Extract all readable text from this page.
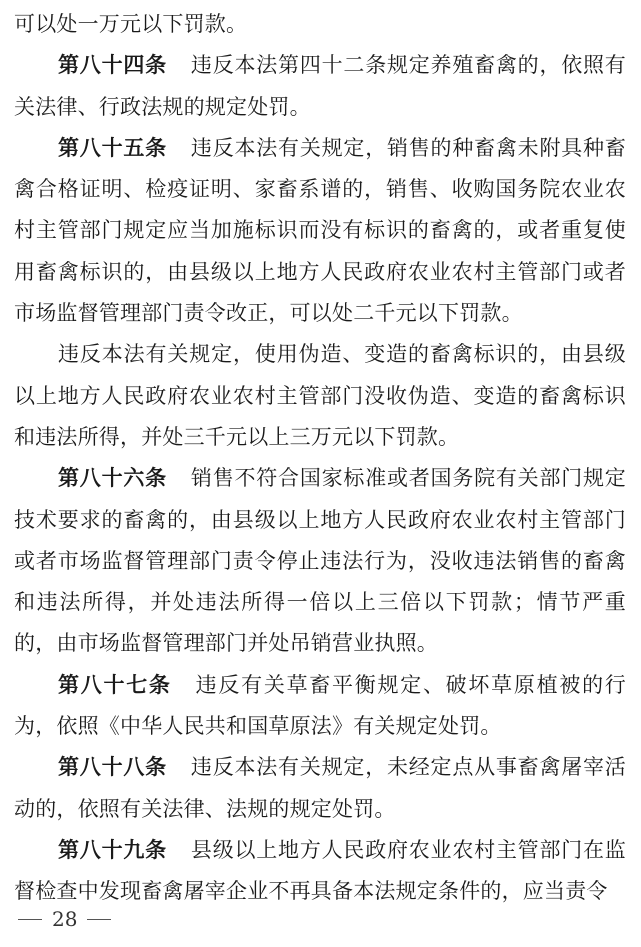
可以处一万元以下罚款。

第八十四条 违反本法第四十二条规定养殖畜禽的，依照有关法律、行政法规的规定处罚。

第八十五条 违反本法有关规定，销售的种畜禽未附具种畜禽合格证明、检疫证明、家畜系谱的，销售、收购国务院农业农村主管部门规定应当加施标识而没有标识的畜禽的，或者重复使用畜禽标识的，由县级以上地方人民政府农业农村主管部门或者市场监督管理部门责令改正，可以处二千元以下罚款。

违反本法有关规定，使用伪造、变造的畜禽标识的，由县级以上地方人民政府农业农村主管部门没收伪造、变造的畜禽标识和违法所得，并处三千元以上三万元以下罚款。

第八十六条 销售不符合国家标准或者国务院有关部门规定技术要求的畜禽的，由县级以上地方人民政府农业农村主管部门或者市场监督管理部门责令停止违法行为，没收违法销售的畜禽和违法所得，并处违法所得一倍以上三倍以下罚款；情节严重的，由市场监督管理部门并处吊销营业执照。

第八十七条 违反有关草畜平衡规定、破坏草原植被的行为，依照《中华人民共和国草原法》有关规定处罚。

第八十八条 违反本法有关规定，未经定点从事畜禽屠宰活动的，依照有关法律、法规的规定处罚。

第八十九条 县级以上地方人民政府农业农村主管部门在监督检查中发现畜禽屠宰企业不再具备本法规定条件的，应当责令

28
